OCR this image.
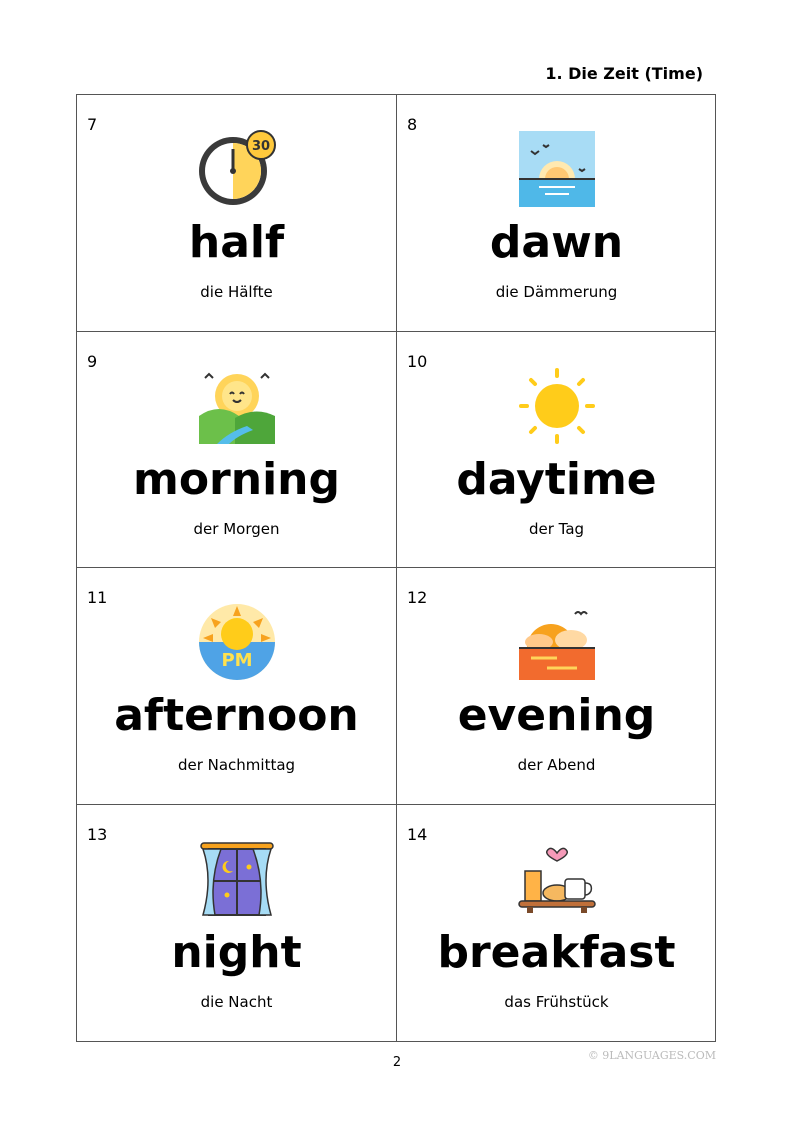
1. Die Zeit (Time)
7
30
half
die Hälfte
8
dawn
die Dämmerung
9
morning
der Morgen
10
daytime
der Tag
11
PM
afternoon
der Nachmittag
12
evening
der Abend
13
night
die Nacht
14
breakfast
das Frühstück
© 9LANGUAGES.COM
2
